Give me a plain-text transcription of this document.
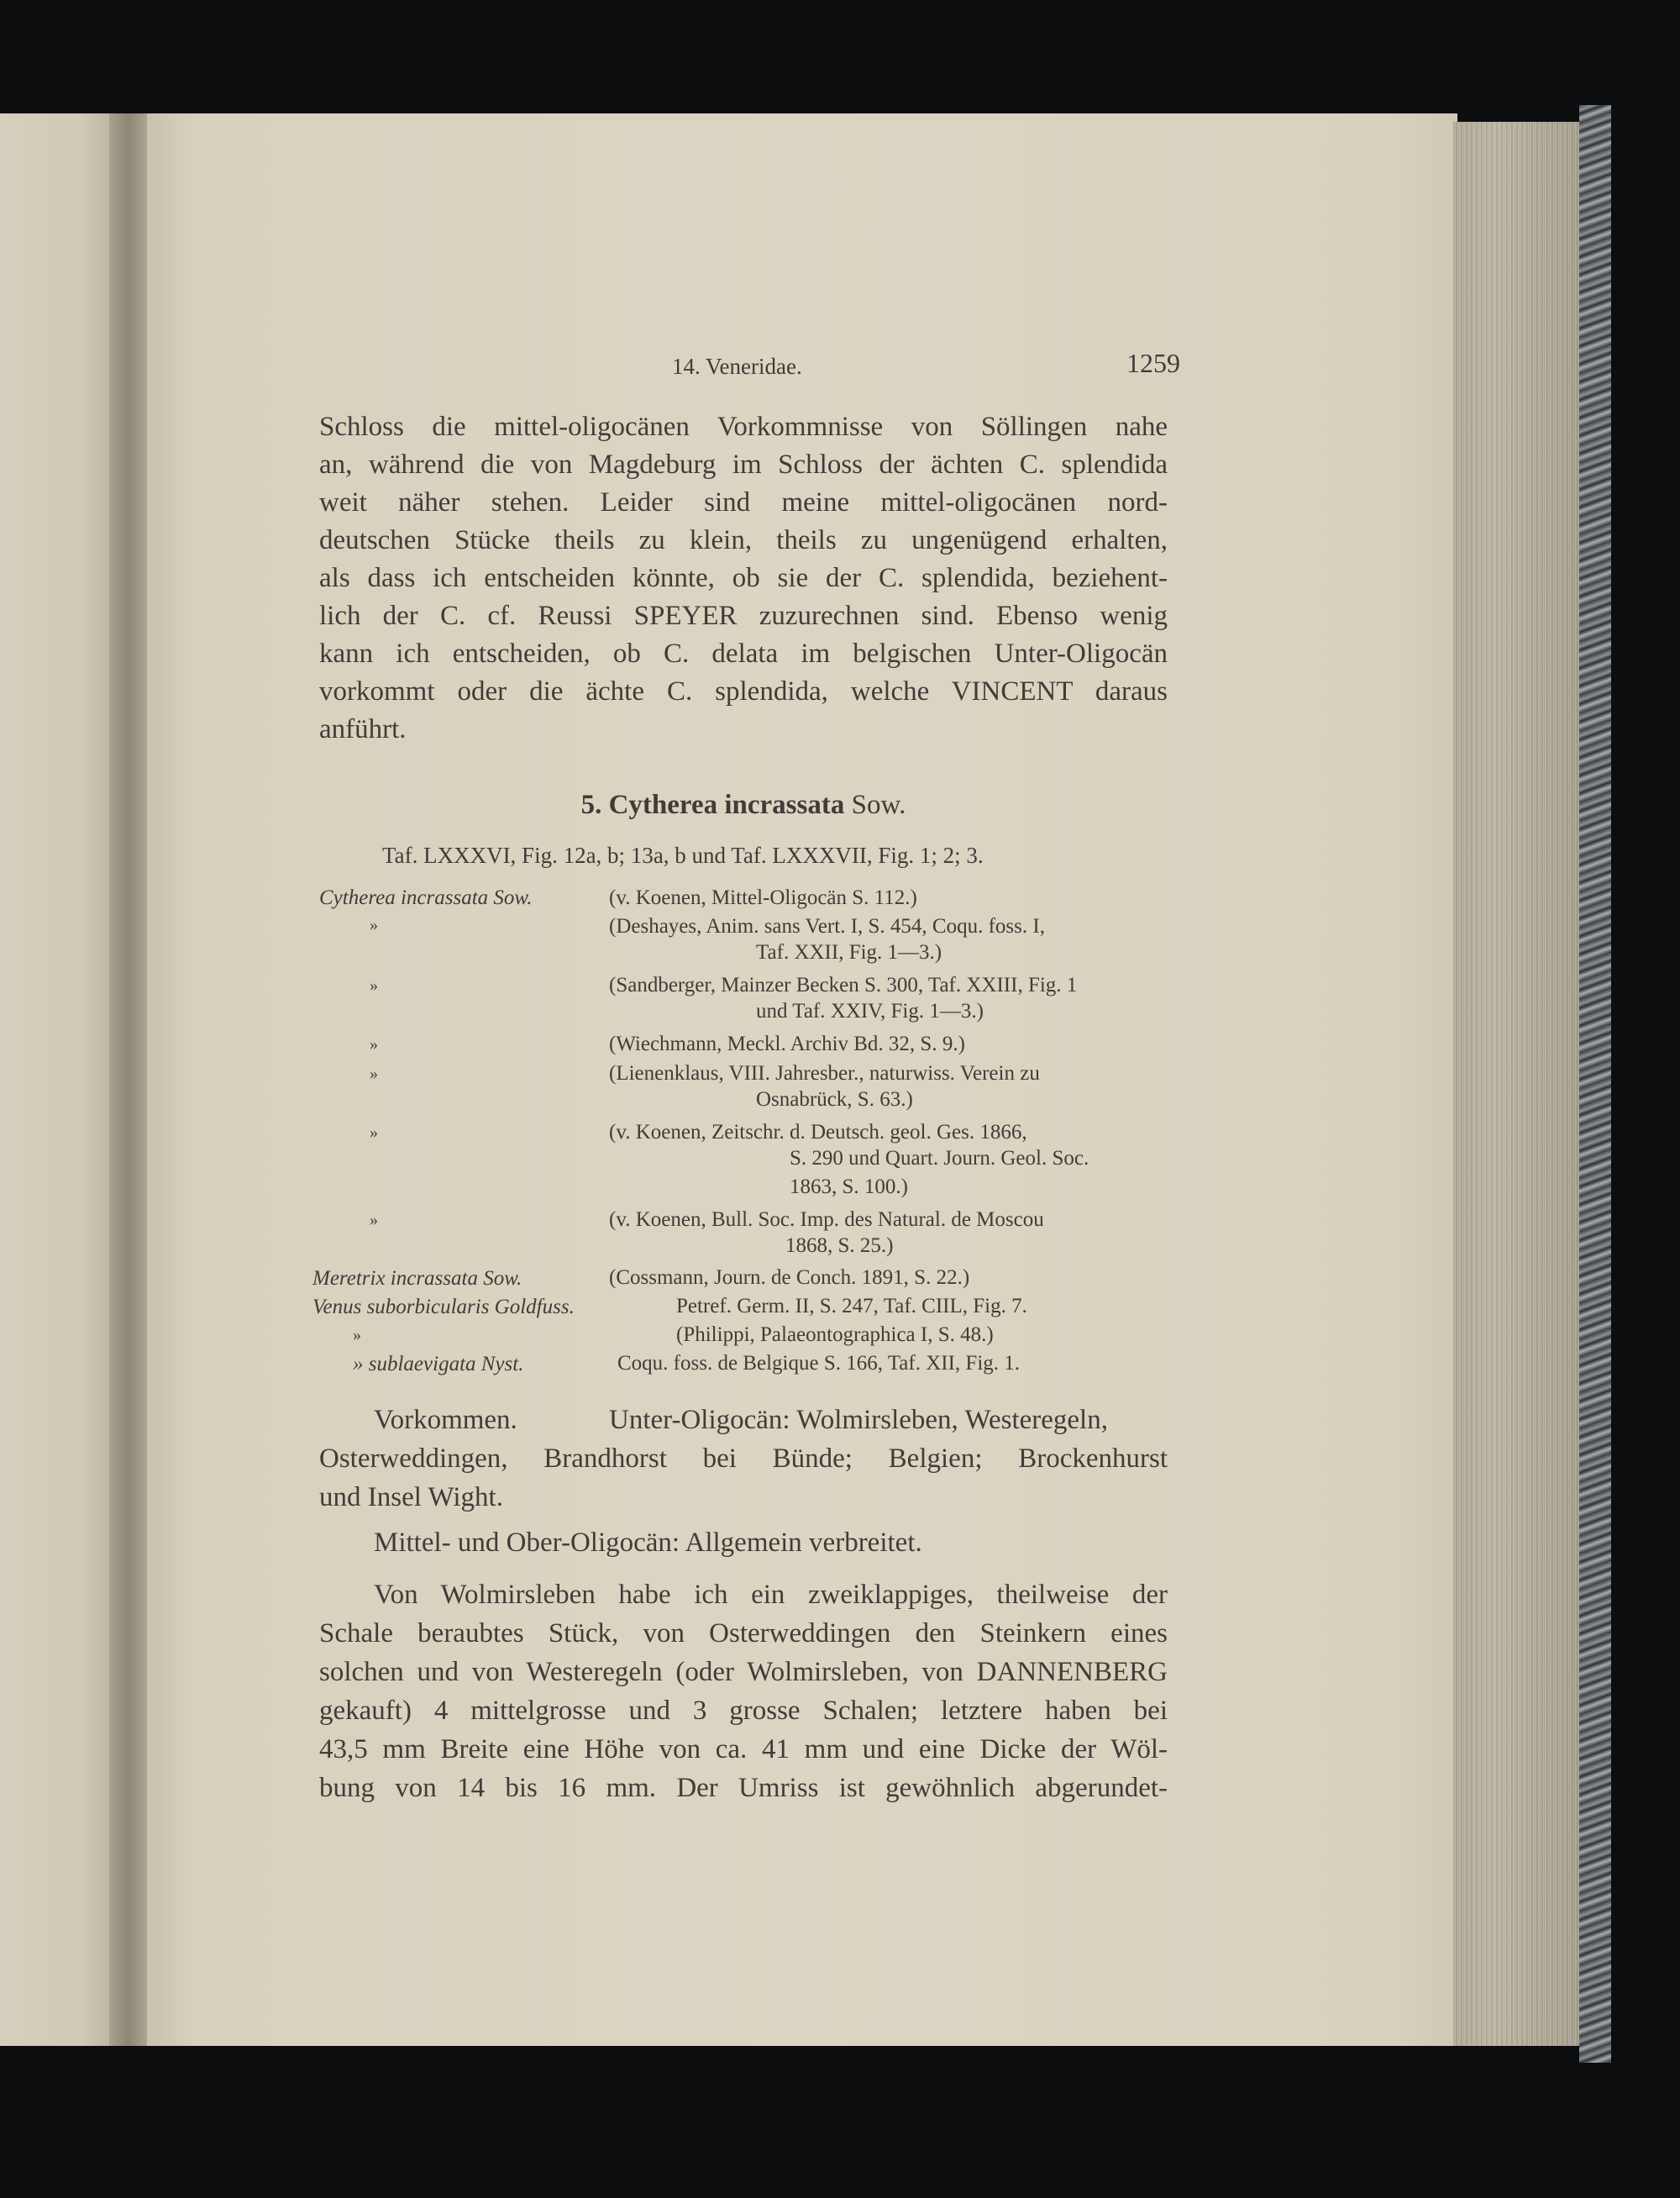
14. Veneridae.	1259
Schloss die mittel-oligocänen Vorkommnisse von Söllingen nahe
an, während die von Magdeburg im Schloss der ächten C. splendida
weit näher stehen. Leider sind meine mittel-oligocänen nord-
deutschen Stücke theils zu klein, theils zu ungenügend erhalten,
als dass ich entscheiden könnte, ob sie der C. splendida, beziehent-
lich der C. cf. Reussi SPEYER zuzurechnen sind. Ebenso wenig
kann ich entscheiden, ob C. delata im belgischen Unter-Oligocän
vorkommt oder die ächte C. splendida, welche VINCENT daraus
anführt.
5. Cytherea incrassata Sow.
Taf. LXXXVI, Fig. 12a, b; 13a, b und Taf. LXXXVII, Fig. 1; 2; 3.
Cytherea incrassata Sow.	(v. Koenen, Mittel-Oligocän S. 112.)
»	(Deshayes, Anim. sans Vert. I, S. 454, Coqu. foss. I,
Taf. XXII, Fig. 1—3.)
»	(Sandberger, Mainzer Becken S. 300, Taf. XXIII, Fig. 1
und Taf. XXIV, Fig. 1—3.)
»	(Wiechmann, Meckl. Archiv Bd. 32, S. 9.)
»	(Lienenklaus, VIII. Jahresber., naturwiss. Verein zu
Osnabrück, S. 63.)
»	(v. Koenen, Zeitschr. d. Deutsch. geol. Ges. 1866,
S. 290 und Quart. Journ. Geol. Soc.
1863, S. 100.)
»	(v. Koenen, Bull. Soc. Imp. des Natural. de Moscou
1868, S. 25.)
Meretrix incrassata Sow.	(Cossmann, Journ. de Conch. 1891, S. 22.)
Venus suborbicularis Goldfuss.	Petref. Germ. II, S. 247, Taf. CIIL, Fig. 7.
»	(Philippi, Palaeontographica I, S. 48.)
» sublaevigata Nyst.	Coqu. foss. de Belgique S. 166, Taf. XII, Fig. 1.
Vorkommen.	Unter-Oligocän: Wolmirsleben, Westeregeln,
Osterweddingen, Brandhorst bei Bünde; Belgien; Brockenhurst
und Insel Wight.
Mittel- und Ober-Oligocän: Allgemein verbreitet.
Von Wolmirsleben habe ich ein zweiklappiges, theilweise der
Schale beraubtes Stück, von Osterweddingen den Steinkern eines
solchen und von Westeregeln (oder Wolmirsleben, von DANNENBERG
gekauft) 4 mittelgrosse und 3 grosse Schalen; letztere haben bei
43,5 mm Breite eine Höhe von ca. 41 mm und eine Dicke der Wöl-
bung von 14 bis 16 mm. Der Umriss ist gewöhnlich abgerundet-
